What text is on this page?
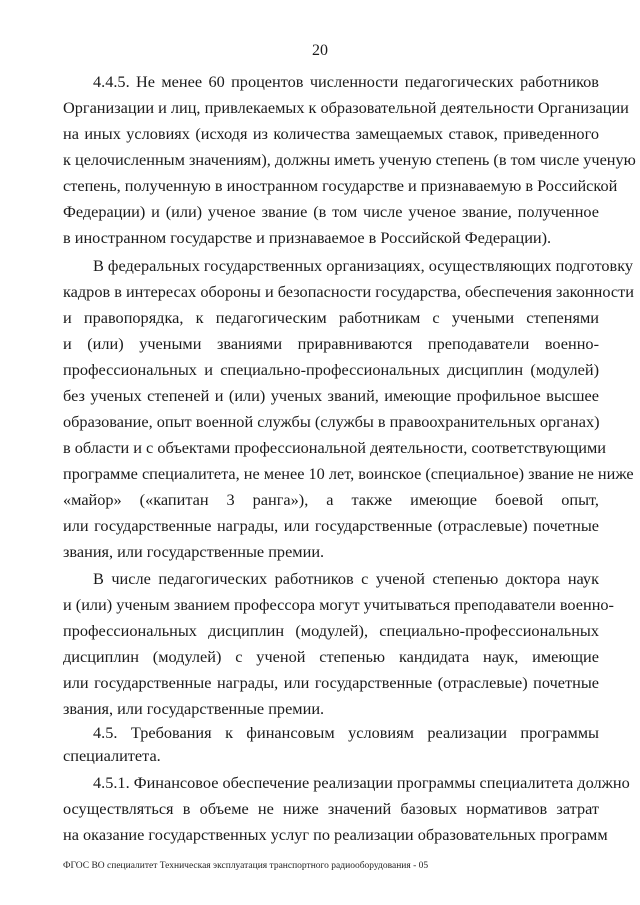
20
4.4.5. Не менее 60 процентов численности педагогических работников
Организации и лиц, привлекаемых к образовательной деятельности Организации
на иных условиях (исходя из количества замещаемых ставок, приведенного
к целочисленным значениям), должны иметь ученую степень (в том числе ученую
степень, полученную в иностранном государстве и признаваемую в Российской
Федерации) и (или) ученое звание (в том числе ученое звание, полученное
в иностранном государстве и признаваемое в Российской Федерации).
В федеральных государственных организациях, осуществляющих подготовку
кадров в интересах обороны и безопасности государства, обеспечения законности
и правопорядка, к педагогическим работникам с учеными степенями
и (или) учеными званиями приравниваются преподаватели военно-
профессиональных и специально-профессиональных дисциплин (модулей)
без ученых степеней и (или) ученых званий, имеющие профильное высшее
образование, опыт военной службы (службы в правоохранительных органах)
в области и с объектами профессиональной деятельности, соответствующими
программе специалитета, не менее 10 лет, воинское (специальное) звание не ниже
«майор» («капитан 3 ранга»), а также имеющие боевой опыт,
или государственные награды, или государственные (отраслевые) почетные
звания, или государственные премии.
В числе педагогических работников с ученой степенью доктора наук
и (или) ученым званием профессора могут учитываться преподаватели военно-
профессиональных дисциплин (модулей), специально-профессиональных
дисциплин (модулей) с ученой степенью кандидата наук, имеющие
или государственные награды, или государственные (отраслевые) почетные
звания, или государственные премии.
4.5. Требования к финансовым условиям реализации программы
специалитета.
4.5.1. Финансовое обеспечение реализации программы специалитета должно
осуществляться в объеме не ниже значений базовых нормативов затрат
на оказание государственных услуг по реализации образовательных программ
ФГОС ВО специалитет Техническая эксплуатация транспортного радиооборудования - 05
